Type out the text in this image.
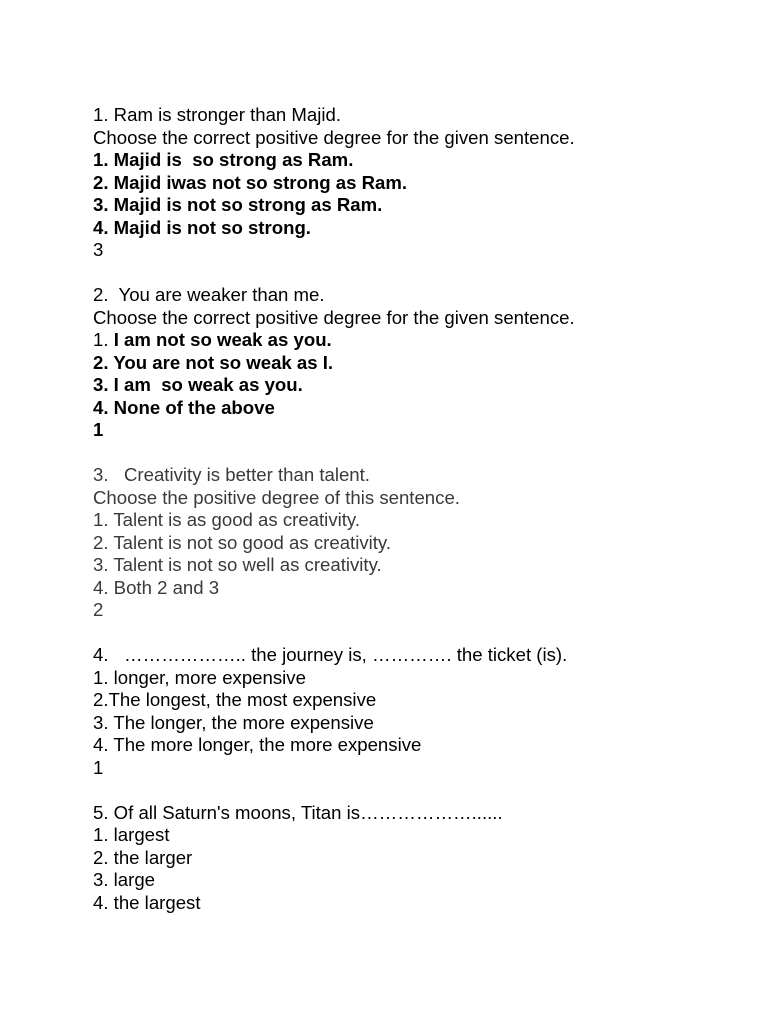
1. Ram is stronger than Majid.
Choose the correct positive degree for the given sentence.
1. Majid is  so strong as Ram.
2. Majid iwas not so strong as Ram.
3. Majid is not so strong as Ram.
4. Majid is not so strong.
3
2.  You are weaker than me.
Choose the correct positive degree for the given sentence.
1. I am not so weak as you.
2. You are not so weak as I.
3. I am  so weak as you.
4. None of the above
1
3.   Creativity is better than talent.
Choose the positive degree of this sentence.
1. Talent is as good as creativity.
2. Talent is not so good as creativity.
3. Talent is not so well as creativity.
4. Both 2 and 3
2
4.   ……………….. the journey is, …………. the ticket (is).
1. longer, more expensive
2.The longest, the most expensive
3. The longer, the more expensive
4. The more longer, the more expensive
1
5. Of all Saturn's moons, Titan is………………......
1. largest
2. the larger
3. large
4. the largest
